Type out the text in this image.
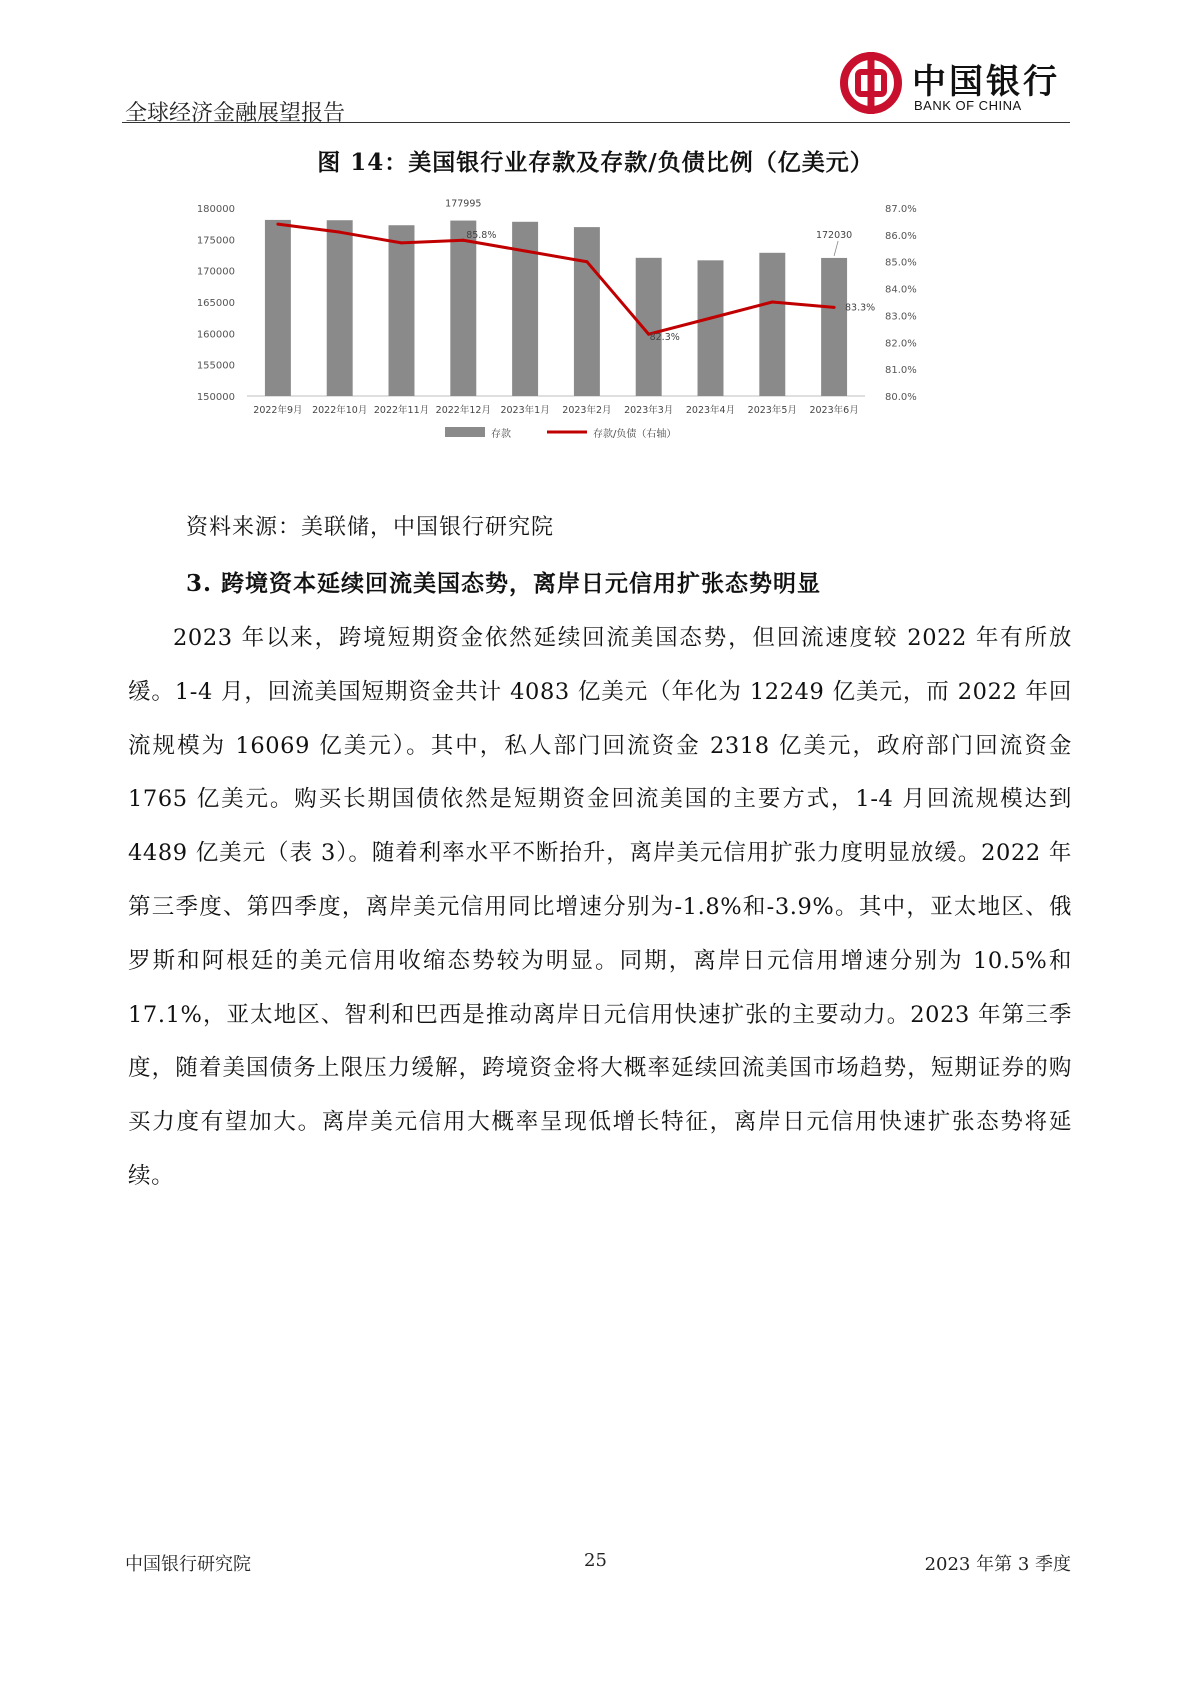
全球经济金融展望报告
中国银行
BANK OF CHINA
图 14：美国银行业存款及存款/负债比例（亿美元）
150000
155000
160000
165000
170000
175000
180000
80.0%
81.0%
82.0%
83.0%
84.0%
85.0%
86.0%
87.0%
2022年9月 2022年10月 2022年11月 2022年12月 2023年1月 2023年2月 2023年3月 2023年4月 2023年5月 2023年6月
177995
172030
85.8%
82.3%
83.3%
存款	存款/负债（右轴）
资料来源：美联储，中国银行研究院
3. 跨境资本延续回流美国态势，离岸日元信用扩张态势明显

2023 年以来，跨境短期资金依然延续回流美国态势，但回流速度较 2022 年有所放缓。1-4 月，回流美国短期资金共计 4083 亿美元（年化为 12249 亿美元，而 2022 年回流规模为 16069 亿美元）。其中，私人部门回流资金 2318 亿美元，政府部门回流资金 1765 亿美元。购买长期国债依然是短期资金回流美国的主要方式，1-4 月回流规模达到 4489 亿美元（表 3）。随着利率水平不断抬升，离岸美元信用扩张力度明显放缓。2022 年第三季度、第四季度，离岸美元信用同比增速分别为-1.8%和-3.9%。其中，亚太地区、俄罗斯和阿根廷的美元信用收缩态势较为明显。同期，离岸日元信用增速分别为 10.5%和 17.1%，亚太地区、智利和巴西是推动离岸日元信用快速扩张的主要动力。2023 年第三季度，随着美国债务上限压力缓解，跨境资金将大概率延续回流美国市场趋势，短期证券的购买力度有望加大。离岸美元信用大概率呈现低增长特征，离岸日元信用快速扩张态势将延续。

中国银行研究院	25	2023 年第 3 季度
